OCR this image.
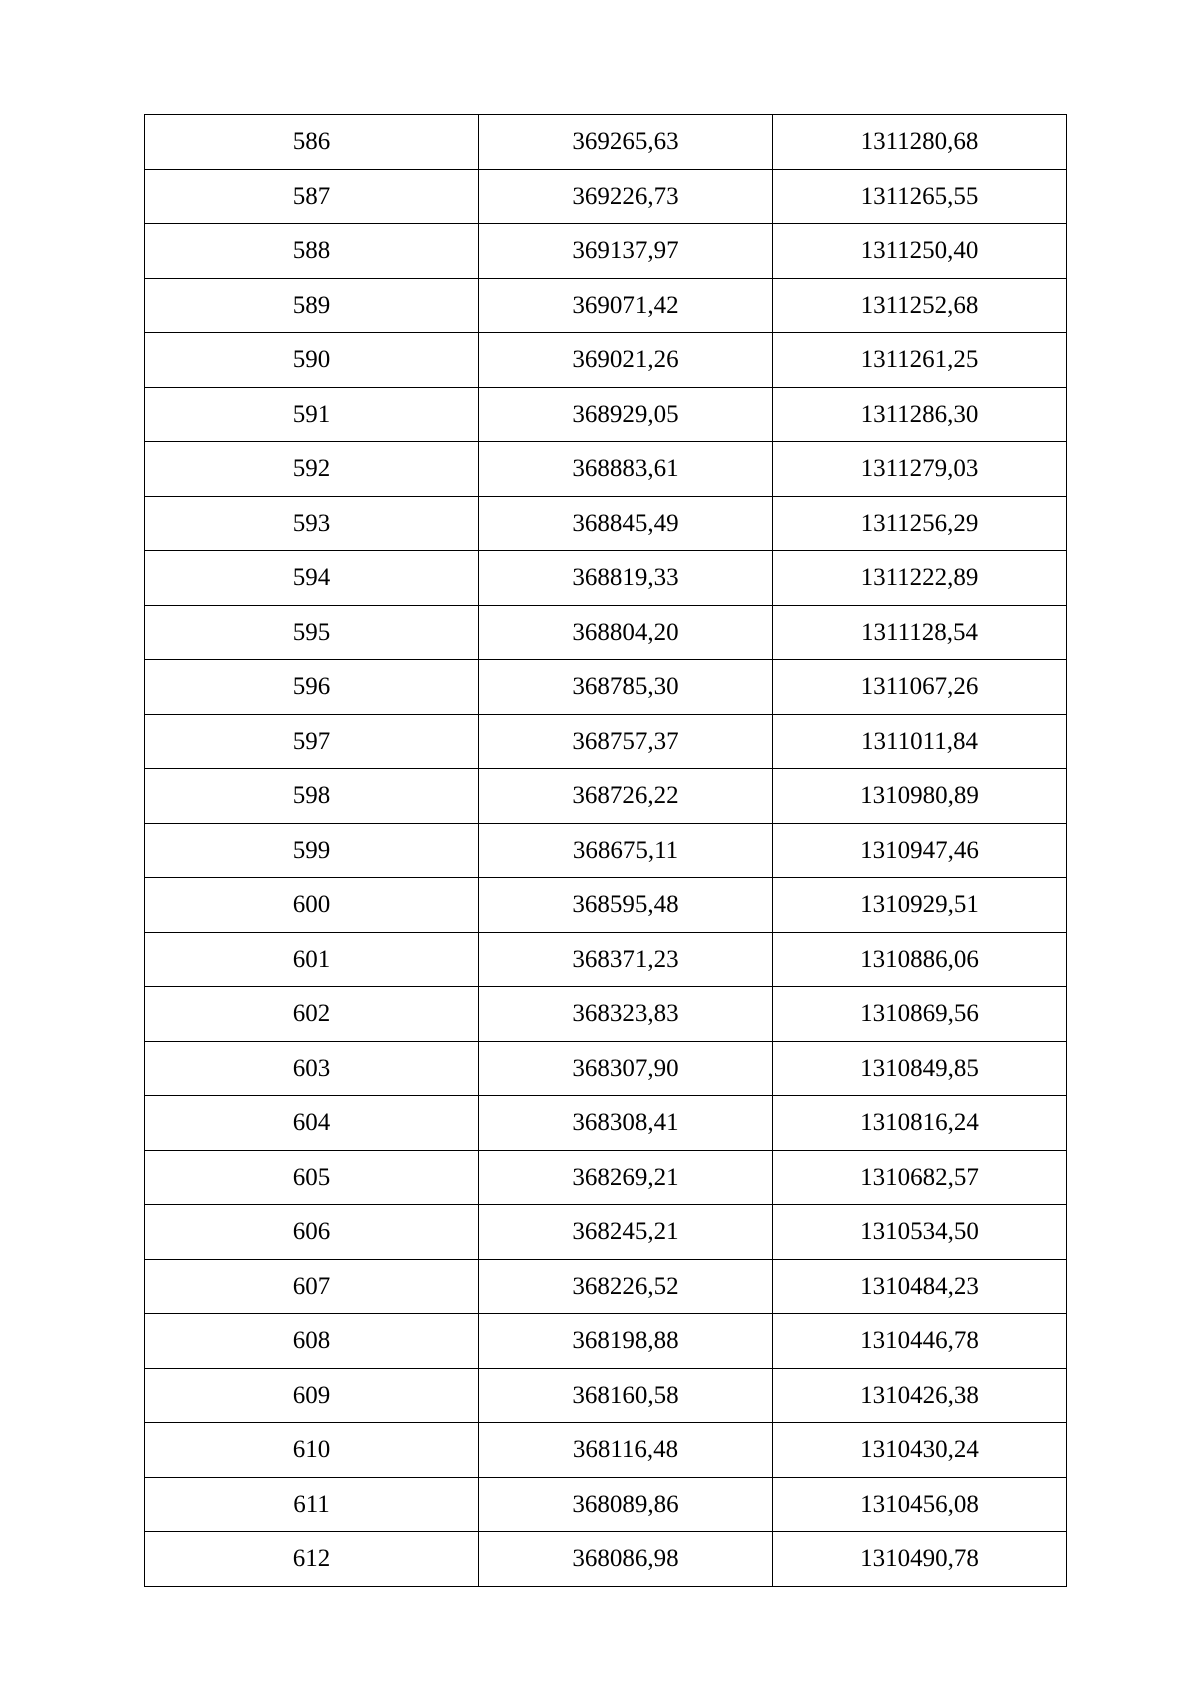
586	369265,63	1311280,68
587	369226,73	1311265,55
588	369137,97	1311250,40
589	369071,42	1311252,68
590	369021,26	1311261,25
591	368929,05	1311286,30
592	368883,61	1311279,03
593	368845,49	1311256,29
594	368819,33	1311222,89
595	368804,20	1311128,54
596	368785,30	1311067,26
597	368757,37	1311011,84
598	368726,22	1310980,89
599	368675,11	1310947,46
600	368595,48	1310929,51
601	368371,23	1310886,06
602	368323,83	1310869,56
603	368307,90	1310849,85
604	368308,41	1310816,24
605	368269,21	1310682,57
606	368245,21	1310534,50
607	368226,52	1310484,23
608	368198,88	1310446,78
609	368160,58	1310426,38
610	368116,48	1310430,24
611	368089,86	1310456,08
612	368086,98	1310490,78
